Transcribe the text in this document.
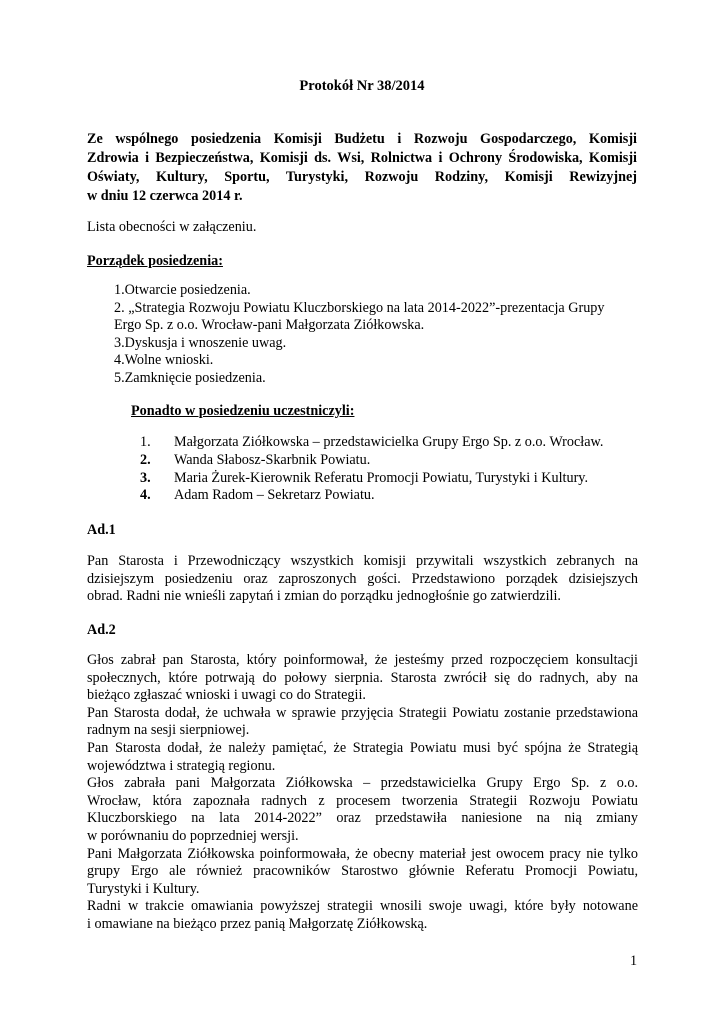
Protokół Nr 38/2014
Ze wspólnego posiedzenia Komisji Budżetu i Rozwoju Gospodarczego, Komisji
Zdrowia i Bezpieczeństwa, Komisji ds. Wsi, Rolnictwa i Ochrony Środowiska, Komisji
Oświaty, Kultury, Sportu, Turystyki, Rozwoju Rodziny, Komisji Rewizyjnej
w dniu 12 czerwca 2014 r.
Lista obecności w załączeniu.
Porządek posiedzenia:
1.Otwarcie posiedzenia.
2. „Strategia Rozwoju Powiatu Kluczborskiego na lata 2014-2022”-prezentacja Grupy
Ergo Sp. z o.o. Wrocław-pani Małgorzata Ziółkowska.
3.Dyskusja i wnoszenie uwag.
4.Wolne wnioski.
5.Zamknięcie posiedzenia.
Ponadto w posiedzeniu uczestniczyli:
1.	Małgorzata Ziółkowska – przedstawicielka Grupy Ergo Sp. z o.o. Wrocław.
2.	Wanda Słabosz-Skarbnik Powiatu.
3.	Maria Żurek-Kierownik Referatu Promocji Powiatu, Turystyki i Kultury.
4.	Adam Radom – Sekretarz Powiatu.
Ad.1
Pan Starosta i Przewodniczący wszystkich komisji przywitali wszystkich zebranych na
dzisiejszym posiedzeniu oraz zaproszonych gości. Przedstawiono porządek dzisiejszych
obrad. Radni nie wnieśli zapytań i zmian do porządku jednogłośnie go zatwierdzili.
Ad.2
Głos zabrał pan Starosta, który poinformował, że jesteśmy przed rozpoczęciem konsultacji
społecznych, które potrwają do połowy sierpnia. Starosta zwrócił się do radnych, aby na
bieżąco zgłaszać wnioski i uwagi co do Strategii.
Pan Starosta dodał, że uchwała w sprawie przyjęcia Strategii Powiatu zostanie przedstawiona
radnym na sesji sierpniowej.
Pan Starosta dodał, że należy pamiętać, że Strategia Powiatu musi być spójna że Strategią
województwa i strategią regionu.
Głos zabrała pani Małgorzata Ziółkowska – przedstawicielka Grupy Ergo Sp. z o.o.
Wrocław, która zapoznała radnych z procesem tworzenia Strategii Rozwoju Powiatu
Kluczborskiego na lata 2014-2022” oraz przedstawiła naniesione na nią zmiany
w porównaniu do poprzedniej wersji.
Pani Małgorzata Ziółkowska poinformowała, że obecny materiał jest owocem pracy nie tylko
grupy Ergo ale również pracowników Starostwo głównie Referatu Promocji Powiatu,
Turystyki i Kultury.
Radni w trakcie omawiania powyższej strategii wnosili swoje uwagi, które były notowane
i omawiane na bieżąco przez panią Małgorzatę Ziółkowską.
1
